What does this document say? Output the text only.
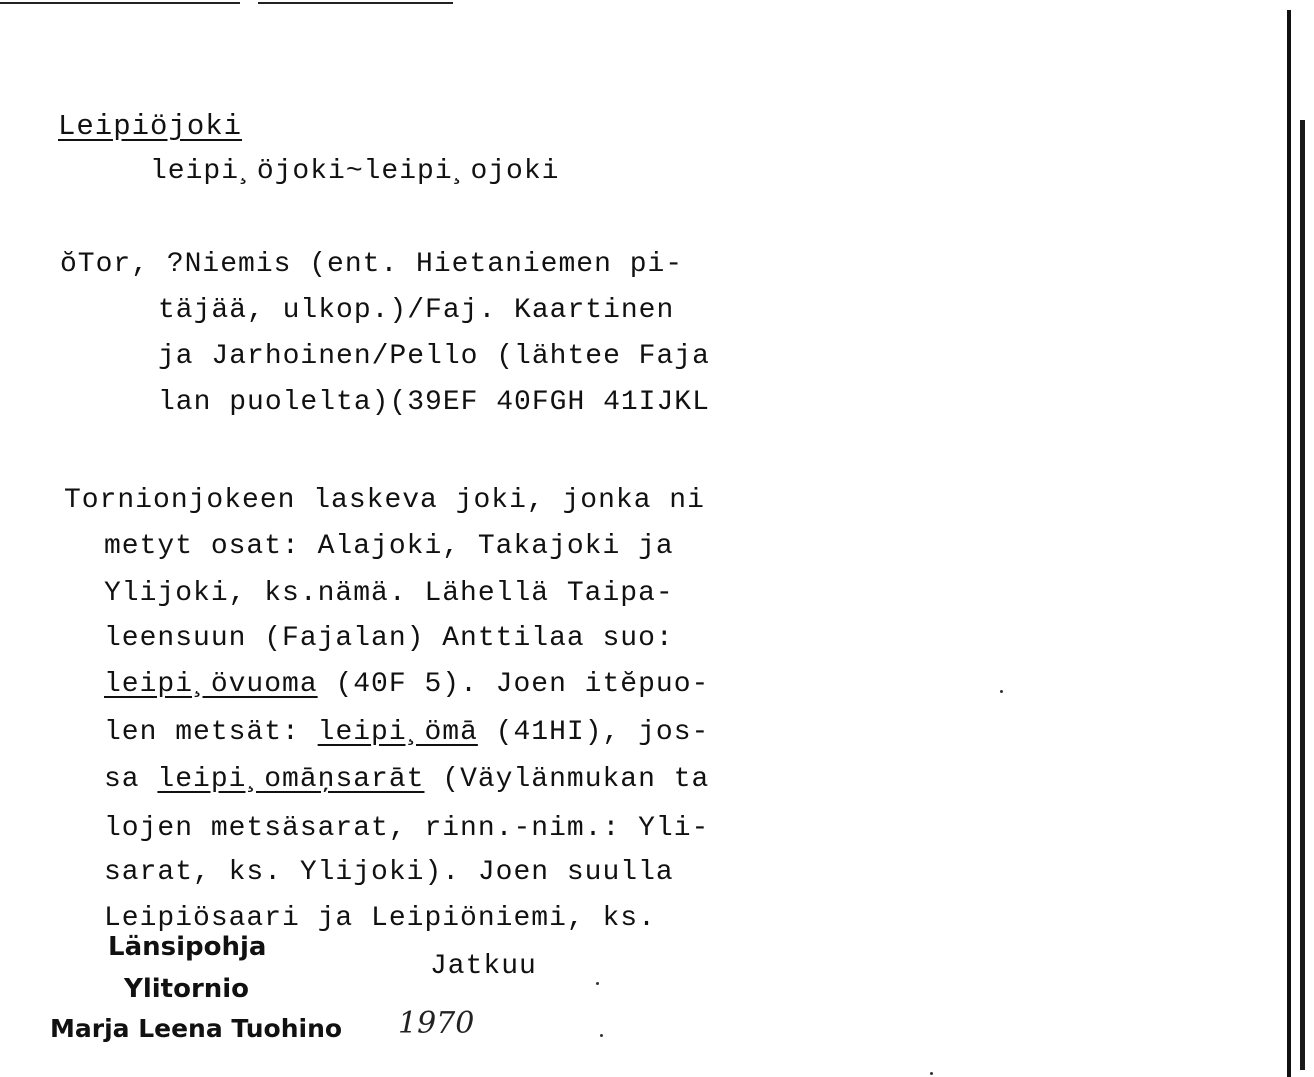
Leipiöjoki
leipi¸öjoki~leipi¸ojoki
ŏTor, ?Niemis (ent. Hietaniemen pi-
täjää, ulkop.)/Faj. Kaartinen
ja Jarhoinen/Pello (lähtee Faja
lan puolelta)(39EF 40FGH 41IJKL
Tornionjokeen laskeva joki, jonka ni
metyt osat: Alajoki, Takajoki ja
Ylijoki, ks.nämä. Lähellä Taipa-
leensuun (Fajalan) Anttilaa suo:
leipi¸övuoma (40F 5). Joen itĕpuo-
len metsät: leipi¸ömā (41HI), jos-
sa leipi¸omāņsarāt (Väylänmukan ta
lojen metsäsarat, rinn.-nim.: Yli-
sarat, ks. Ylijoki). Joen suulla
Leipiösaari ja Leipiöniemi, ks.
Jatkuu
Länsipohja
Ylitornio
Marja Leena Tuohino 1970
